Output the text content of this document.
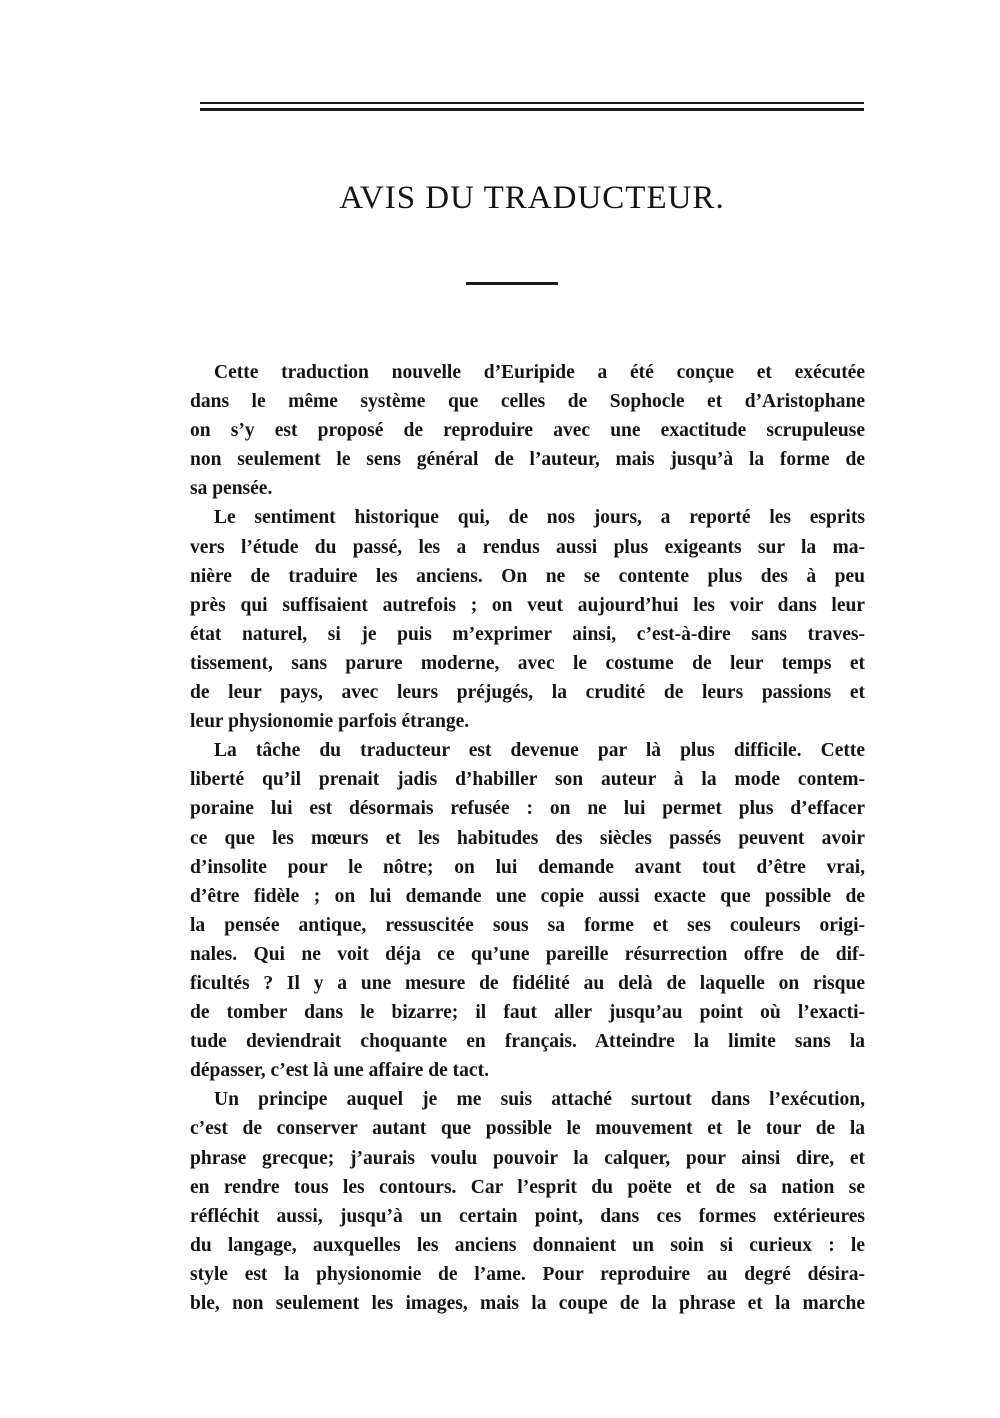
AVIS DU TRADUCTEUR.
Cette traduction nouvelle d’Euripide a été conçue et exécutée
dans le même système que celles de Sophocle et d’Aristophane
on s’y est proposé de reproduire avec une exactitude scrupuleuse
non seulement le sens général de l’auteur, mais jusqu’à la forme de
sa pensée.
Le sentiment historique qui, de nos jours, a reporté les esprits
vers l’étude du passé, les a rendus aussi plus exigeants sur la ma-
nière de traduire les anciens. On ne se contente plus des à peu
près qui suffisaient autrefois ; on veut aujourd’hui les voir dans leur
état naturel, si je puis m’exprimer ainsi, c’est-à-dire sans traves-
tissement, sans parure moderne, avec le costume de leur temps et
de leur pays, avec leurs préjugés, la crudité de leurs passions et
leur physionomie parfois étrange.
La tâche du traducteur est devenue par là plus difficile. Cette
liberté qu’il prenait jadis d’habiller son auteur à la mode contem-
poraine lui est désormais refusée : on ne lui permet plus d’effacer
ce que les mœurs et les habitudes des siècles passés peuvent avoir
d’insolite pour le nôtre; on lui demande avant tout d’être vrai,
d’être fidèle ; on lui demande une copie aussi exacte que possible de
la pensée antique, ressuscitée sous sa forme et ses couleurs origi-
nales. Qui ne voit déja ce qu’une pareille résurrection offre de dif-
ficultés ? Il y a une mesure de fidélité au delà de laquelle on risque
de tomber dans le bizarre; il faut aller jusqu’au point où l’exacti-
tude deviendrait choquante en français. Atteindre la limite sans la
dépasser, c’est là une affaire de tact.
Un principe auquel je me suis attaché surtout dans l’exécution,
c’est de conserver autant que possible le mouvement et le tour de la
phrase grecque; j’aurais voulu pouvoir la calquer, pour ainsi dire, et
en rendre tous les contours. Car l’esprit du poëte et de sa nation se
réfléchit aussi, jusqu’à un certain point, dans ces formes extérieures
du langage, auxquelles les anciens donnaient un soin si curieux : le
style est la physionomie de l’ame. Pour reproduire au degré désira-
ble, non seulement les images, mais la coupe de la phrase et la marche
